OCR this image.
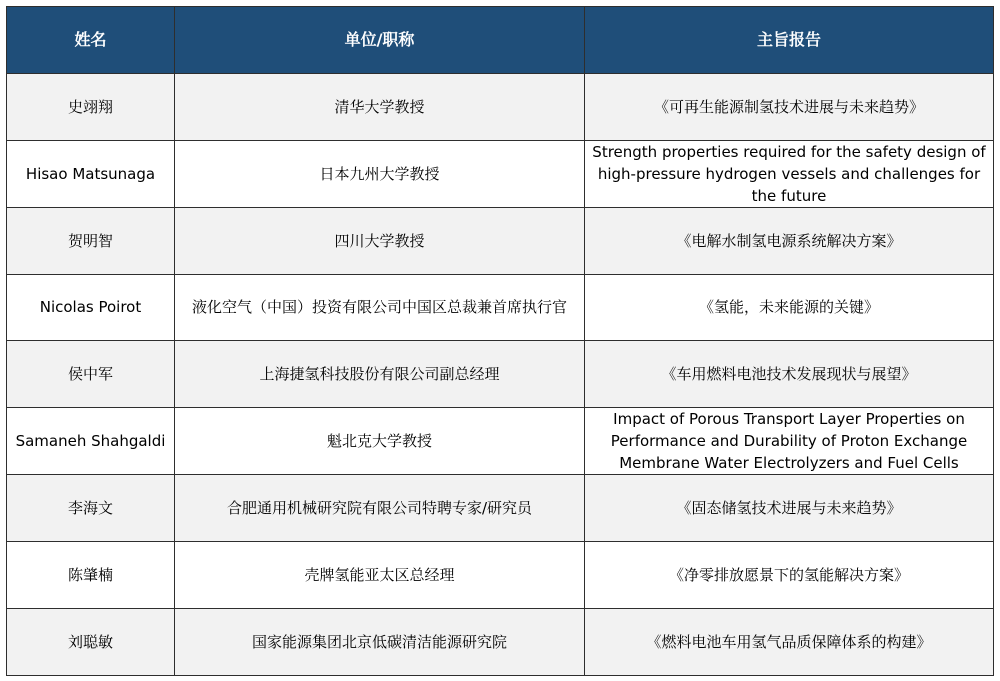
姓名	单位/职称	主旨报告
史翊翔	清华大学教授	《可再生能源制氢技术进展与未来趋势》
Hisao Matsunaga	日本九州大学教授	Strength properties required for the safety design of high-pressure hydrogen vessels and challenges for the future
贺明智	四川大学教授	《电解水制氢电源系统解决方案》
Nicolas Poirot	液化空气（中国）投资有限公司中国区总裁兼首席执行官	《氢能，未来能源的关键》
侯中军	上海捷氢科技股份有限公司副总经理	《车用燃料电池技术发展现状与展望》
Samaneh Shahgaldi	魁北克大学教授	Impact of Porous Transport Layer Properties on Performance and Durability of Proton Exchange Membrane Water Electrolyzers and Fuel Cells
李海文	合肥通用机械研究院有限公司特聘专家/研究员	《固态储氢技术进展与未来趋势》
陈肇楠	壳牌氢能亚太区总经理	《净零排放愿景下的氢能解决方案》
刘聪敏	国家能源集团北京低碳清洁能源研究院	《燃料电池车用氢气品质保障体系的构建》
